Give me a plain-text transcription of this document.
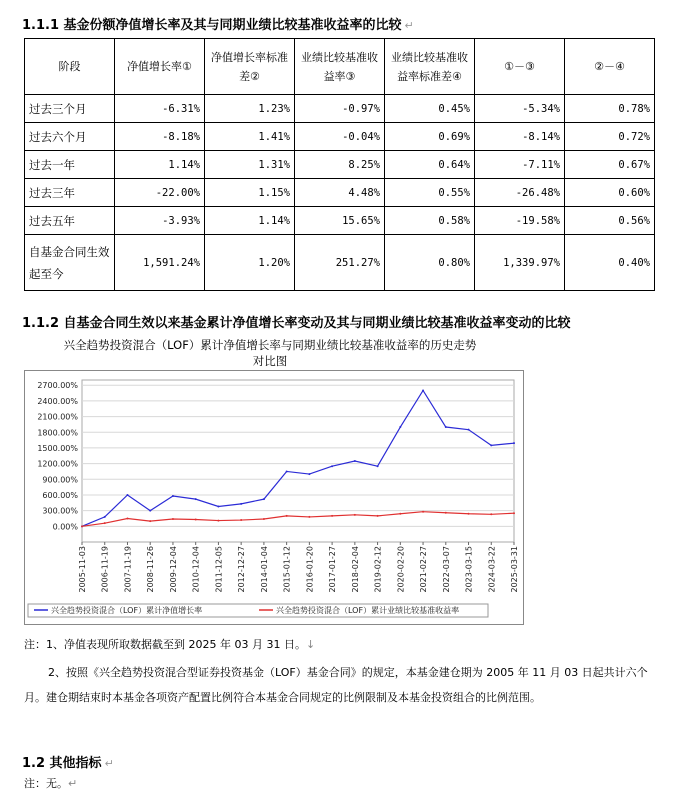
1.1.1 基金份额净值增长率及其与同期业绩比较基准收益率的比较 ↵
阶段	净值增长率①	净值增长率标准差②	业绩比较基准收益率③	业绩比较基准收益率标准差④	①－③	②－④
过去三个月	-6.31%	1.23%	-0.97%	0.45%	-5.34%	0.78%
过去六个月	-8.18%	1.41%	-0.04%	0.69%	-8.14%	0.72%
过去一年	1.14%	1.31%	8.25%	0.64%	-7.11%	0.67%
过去三年	-22.00%	1.15%	4.48%	0.55%	-26.48%	0.60%
过去五年	-3.93%	1.14%	15.65%	0.58%	-19.58%	0.56%
自基金合同生效起至今	1,591.24%	1.20%	251.27%	0.80%	1,339.97%	0.40%
1.1.2 自基金合同生效以来基金累计净值增长率变动及其与同期业绩比较基准收益率变动的比较
兴全趋势投资混合（LOF）累计净值增长率与同期业绩比较基准收益率的历史走势
对比图
0.00%
300.00%
600.00%
900.00%
1200.00%
1500.00%
1800.00%
2100.00%
2400.00%
2700.00%
2005-11-03 2006-11-19 2007-11-19 2008-11-26 2009-12-04 2010-12-04 2011-12-05 2012-12-27 2014-01-04 2015-01-12 2016-01-20 2017-01-27 2018-02-04 2019-02-12 2020-02-20 2021-02-27 2022-03-07 2023-03-15 2024-03-22 2025-03-31
兴全趋势投资混合（LOF）累计净值增长率	兴全趋势投资混合（LOF）累计业绩比较基准收益率
注：1、净值表现所取数据截至到 2025 年 03 月 31 日。↓
2、按照《兴全趋势投资混合型证券投资基金（LOF）基金合同》的规定，本基金建仓期为 2005 年 11 月 03 日起共计六个月。建仓期结束时本基金各项资产配置比例符合本基金合同规定的比例限制及本基金投资组合的比例范围。
1.2 其他指标 ↵
注：无。↵
